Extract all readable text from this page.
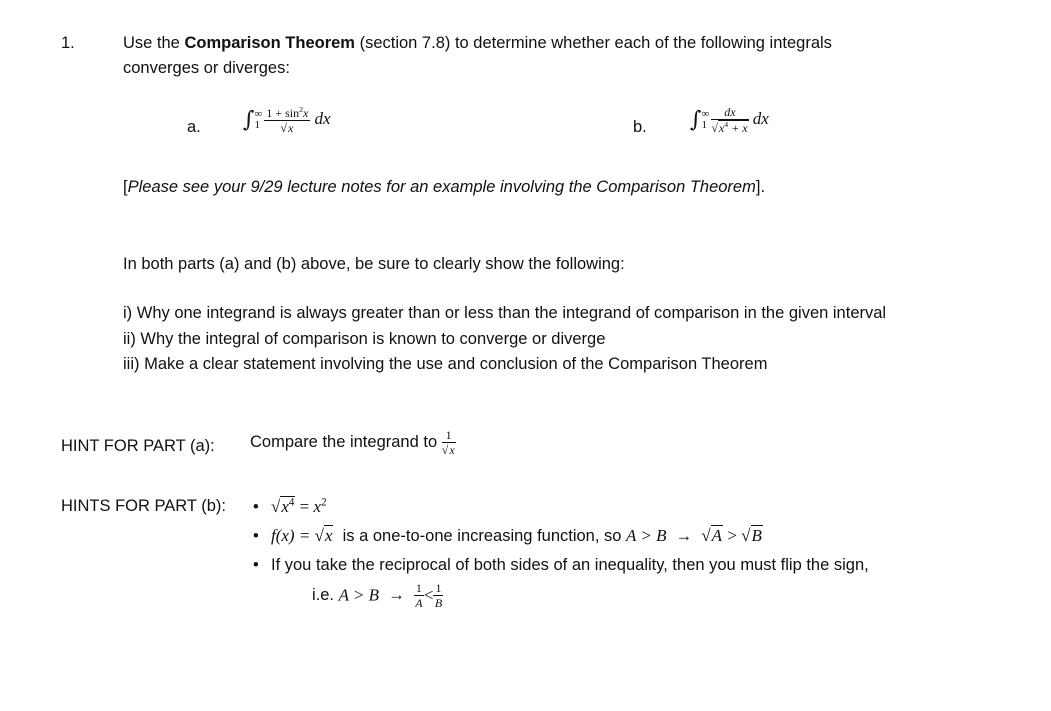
1.	Use the Comparison Theorem (section 7.8) to determine whether each of the following integrals
converges or diverges:
a. ∫ ∞
$1 \frac{1 + \sin^2x}{√x}$ dx	b. ∫ ∞
$1 \frac{dx}{√x^4 + x}$ dx
[Please see your 9/29 lecture notes for an example involving the Comparison Theorem].
In both parts (a) and (b) above, be sure to clearly show the following:
i) Why one integrand is always greater than or less than the integrand of comparison in the given interval
ii) Why the integral of comparison is known to converge or diverge
iii) Make a clear statement involving the use and conclusion of the Comparison Theorem
HINT FOR PART (a): Compare the integrand to $\frac{1}{√x}$
HINTS FOR PART (b): • $√x^4 = x^2$
• f(x) = √x  is a one-to-one increasing function, so A > B  →  √A > √B
• If you take the reciprocal of both sides of an inequality, then you must flip the sign,
i.e. $A > B \to \frac{1}{A} < \frac{1}{B}$
